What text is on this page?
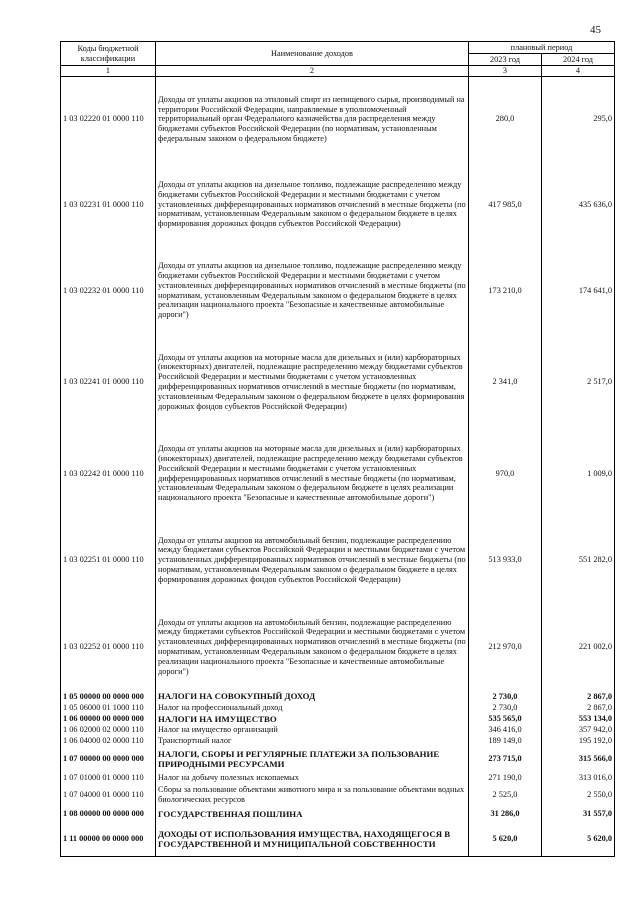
45
Коды бюджетной классификации	Наименование доходов	плановый период	
		2023 год	2024 год
1	2	3	4
1 03 02220 01 0000 110	Доходы от уплаты акцизов на этиловый спирт из непищевого сырья, производимый на территории Российской Федерации, направляемые в уполномоченный территориальный орган Федерального казначейства для распределения между бюджетами субъектов Российской Федерации (по нормативам, установленным федеральным законом о федеральном бюджете)	280,0	295,0
1 03 02231 01 0000 110	Доходы от уплаты акцизов на дизельное топливо, подлежащие распределению между бюджетами субъектов Российской Федерации и местными бюджетами с учетом установленных дифференцированных нормативов отчислений в местные бюджеты (по нормативам, установленным Федеральным законом о федеральном бюджете в целях формирования дорожных фондов субъектов Российской Федерации)	417 985,0	435 636,0
1 03 02232 01 0000 110	Доходы от уплаты акцизов на дизельное топливо, подлежащие распределению между бюджетами субъектов Российской Федерации и местными бюджетами с учетом установленных дифференцированных нормативов отчислений в местные бюджеты (по нормативам, установленным Федеральным законом о федеральном бюджете в целях реализации национального проекта "Безопасные и качественные автомобильные дороги")	173 210,0	174 641,0
1 03 02241 01 0000 110	Доходы от уплаты акцизов на моторные масла для дизельных и (или) карбюраторных (инжекторных) двигателей, подлежащие распределению между бюджетами субъектов Российской Федерации и местными бюджетами с учетом установленных дифференцированных нормативов отчислений в местные бюджеты (по нормативам, установленным Федеральным законом о федеральном бюджете в целях формирования дорожных фондов субъектов Российской Федерации)	2 341,0	2 517,0
1 03 02242 01 0000 110	Доходы от уплаты акцизов на моторные масла для дизельных и (или) карбюраторных (инжекторных) двигателей, подлежащие распределению между бюджетами субъектов Российской Федерации и местными бюджетами с учетом установленных дифференцированных нормативов отчислений в местные бюджеты (по нормативам, установленным Федеральным законом о федеральном бюджете в целях реализации национального проекта "Безопасные и качественные автомобильные дороги")	970,0	1 009,0
1 03 02251 01 0000 110	Доходы от уплаты акцизов на автомобильный бензин, подлежащие распределению между бюджетами субъектов Российской Федерации и местными бюджетами с учетом установленных дифференцированных нормативов отчислений в местные бюджеты (по нормативам, установленным Федеральным законом о федеральном бюджете в целях формирования дорожных фондов субъектов Российской Федерации)	513 933,0	551 282,0
1 03 02252 01 0000 110	Доходы от уплаты акцизов на автомобильный бензин, подлежащие распределению между бюджетами субъектов Российской Федерации и местными бюджетами с учетом установленных дифференцированных нормативов отчислений в местные бюджеты (по нормативам, установленным Федеральным законом о федеральном бюджете в целях реализации национального проекта "Безопасные и качественные автомобильные дороги")	212 970,0	221 002,0
1 05 00000 00 0000 000	НАЛОГИ НА СОВОКУПНЫЙ ДОХОД	2 730,0	2 867,0
1 05 06000 01 1000 110	Налог на профессиональный доход	2 730,0	2 867,0
1 06 00000 00 0000 000	НАЛОГИ НА ИМУЩЕСТВО	535 565,0	553 134,0
1 06 02000 02 0000 110	Налог на имущество организаций	346 416,0	357 942,0
1 06 04000 02 0000 110	Транспортный налог	189 149,0	195 192,0
1 07 00000 00 0000 000	НАЛОГИ, СБОРЫ И РЕГУЛЯРНЫЕ ПЛАТЕЖИ ЗА ПОЛЬЗОВАНИЕ ПРИРОДНЫМИ РЕСУРСАМИ	273 715,0	315 566,0
1 07 01000 01 0000 110	Налог на добычу полезных ископаемых	271 190,0	313 016,0
1 07 04000 01 0000 110	Сборы за пользование объектами животного мира и за пользование объектами водных биологических ресурсов	2 525,0	2 550,0
1 08 00000 00 0000 000	ГОСУДАРСТВЕННАЯ ПОШЛИНА	31 286,0	31 557,0
1 11 00000 00 0000 000	ДОХОДЫ ОТ ИСПОЛЬЗОВАНИЯ ИМУЩЕСТВА, НАХОДЯЩЕГОСЯ В ГОСУДАРСТВЕННОЙ И МУНИЦИПАЛЬНОЙ СОБСТВЕННОСТИ	5 620,0	5 620,0
